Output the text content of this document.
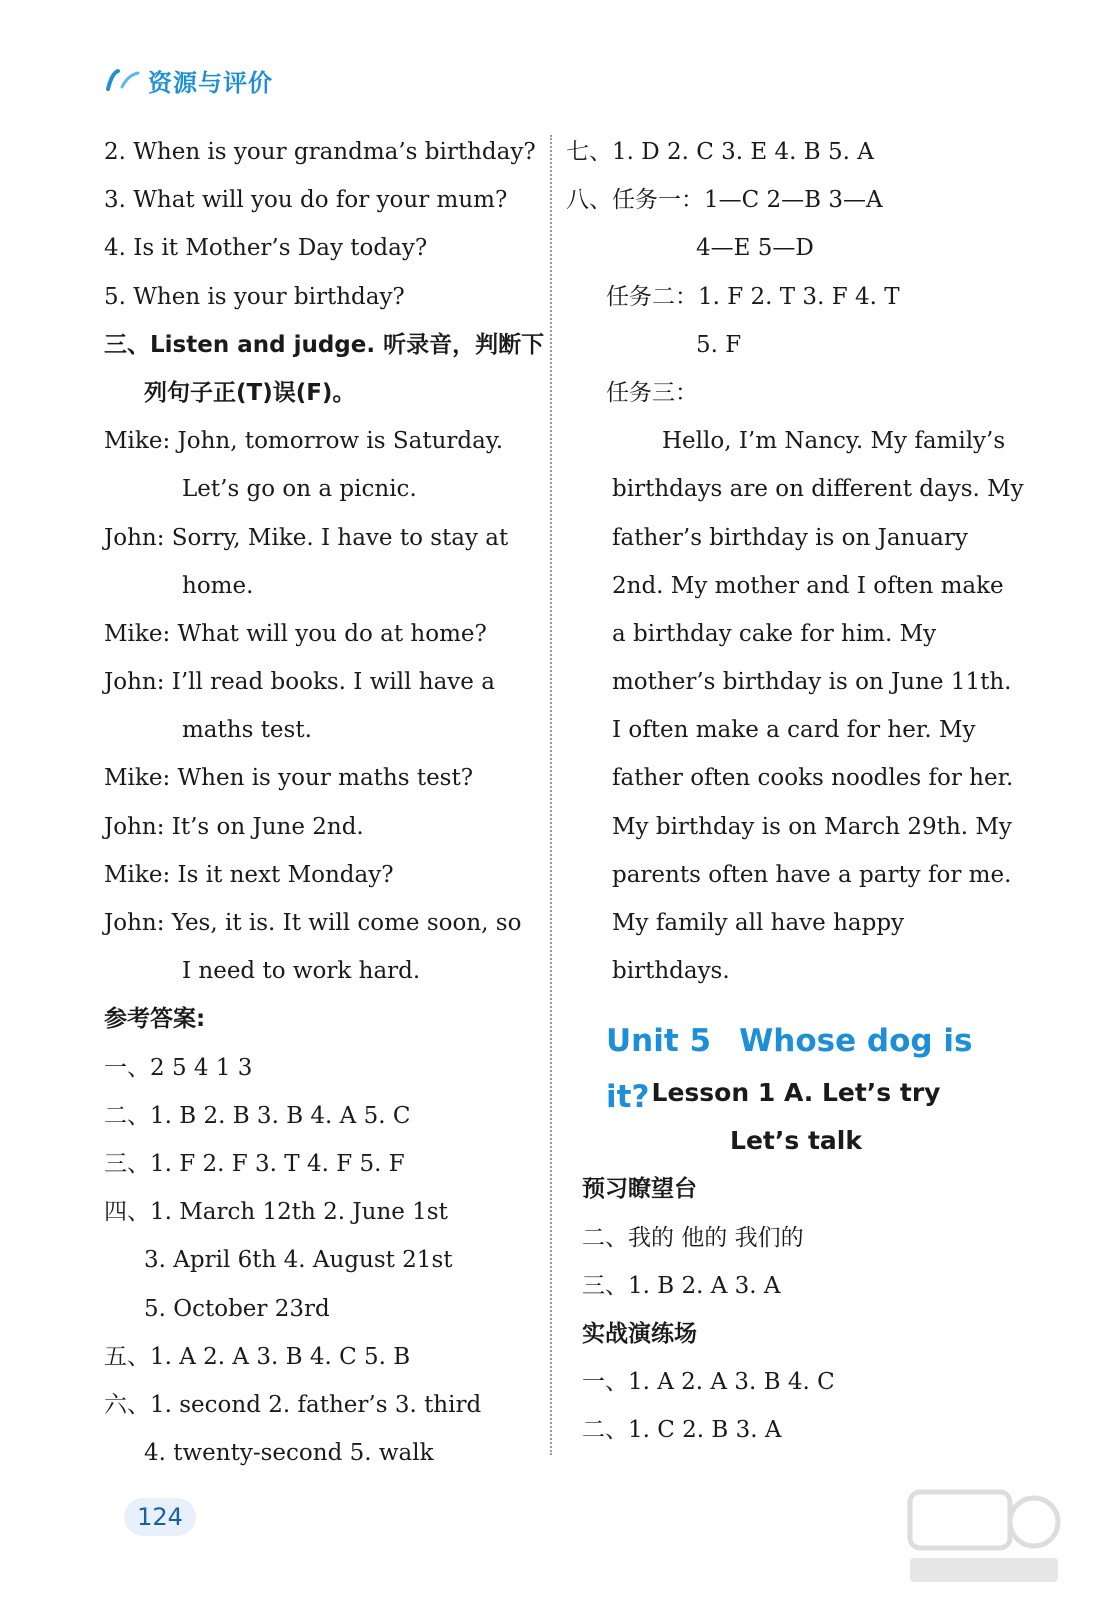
资源与评价
2. When is your grandma’s birthday?
3. What will you do for your mum?
4. Is it Mother’s Day today?
5. When is your birthday?
三、Listen and judge. 听录音，判断下
列句子正(T)误(F)。
Mike: John, tomorrow is Saturday.
Let’s go on a picnic.
John: Sorry, Mike. I have to stay at
home.
Mike: What will you do at home?
John: I’ll read books. I will have a
maths test.
Mike: When is your maths test?
John: It’s on June 2nd.
Mike: Is it next Monday?
John: Yes, it is. It will come soon, so
I need to work hard.
参考答案:
一、2 5 4 1 3
二、1. B 2. B 3. B 4. A 5. C
三、1. F 2. F 3. T 4. F 5. F
四、1. March 12th 2. June 1st
3. April 6th 4. August 21st
5. October 23rd
五、1. A 2. A 3. B 4. C 5. B
六、1. second 2. father’s 3. third
4. twenty-second 5. walk
七、1. D 2. C 3. E 4. B 5. A
八、任务一：1—C 2—B 3—A
4—E 5—D
任务二：1. F 2. T 3. F 4. T
5. F
任务三：
Hello, I’m Nancy. My family’s
birthdays are on different days. My
father’s birthday is on January
2nd. My mother and I often make
a birthday cake for him. My
mother’s birthday is on June 11th.
I often make a card for her. My
father often cooks noodles for her.
My birthday is on March 29th. My
parents often have a party for me.
My family all have happy
birthdays.
Unit 5 Whose dog is it? Lesson 1 A. Let’s try
Let’s talk
预习瞭望台
二、我的 他的 我们的
三、1. B 2. A 3. A
实战演练场
一、1. A 2. A 3. B 4. C
二、1. C 2. B 3. A
124
